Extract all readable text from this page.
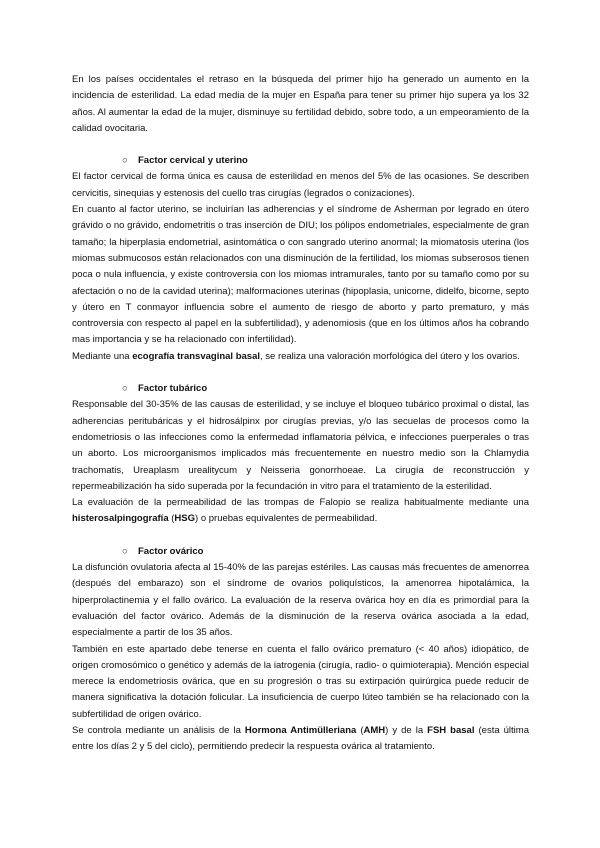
En los países occidentales el retraso en la búsqueda del primer hijo ha generado un aumento en la incidencia de esterilidad. La edad media de la mujer en España para tener su primer hijo supera ya los 32 años. Al aumentar la edad de la mujer, disminuye su fertilidad debido, sobre todo, a un empeoramiento de la calidad ovocitaria.

○ Factor cervical y uterino

El factor cervical de forma única es causa de esterilidad en menos del 5% de las ocasiones. Se describen cervicitis, sinequias y estenosis del cuello tras cirugías (legrados o conizaciones).

En cuanto al factor uterino, se incluirían las adherencias y el síndrome de Asherman por legrado en útero grávido o no grávido, endometritis o tras inserción de DIU; los pólipos endometriales, especialmente de gran tamaño; la hiperplasia endometrial, asintomática o con sangrado uterino anormal; la miomatosis uterina (los miomas submucosos están relacionados con una disminución de la fertilidad, los miomas subserosos tienen poca o nula influencia, y existe controversia con los miomas intramurales, tanto por su tamaño como por su afectación o no de la cavidad uterina); malformaciones uterinas (hipoplasia, unicorne, didelfo, bicorne, septo y útero en T conmayor influencia sobre el aumento de riesgo de aborto y parto prematuro, y más controversia con respecto al papel en la subfertilidad), y adenomiosis (que en los últimos años ha cobrando mas importancia y se ha relacionado con infertilidad).

Mediante una ecografía transvaginal basal, se realiza una valoración morfológica del útero y los ovarios.

○ Factor tubárico

Responsable del 30-35% de las causas de esterilidad, y se incluye el bloqueo tubárico proximal o distal, las adherencias peritubáricas y el hidrosálpinx por cirugías previas, y/o las secuelas de procesos como la endometriosis o las infecciones como la enfermedad inflamatoria pélvica, e infecciones puerperales o tras un aborto. Los microorganismos implicados más frecuentemente en nuestro medio son la Chlamydia trachomatis, Ureaplasm urealitycum y Neisseria gonorrhoeae. La cirugía de reconstrucción y repermeabilización ha sido superada por la fecundación in vitro para el tratamiento de la esterilidad.

La evaluación de la permeabilidad de las trompas de Falopio se realiza habitualmente mediante una histerosalpingografía (HSG) o pruebas equivalentes de permeabilidad.

○ Factor ovárico

La disfunción ovulatoria afecta al 15-40% de las parejas estériles. Las causas más frecuentes de amenorrea (después del embarazo) son el síndrome de ovarios poliquísticos, la amenorrea hipotalámica, la hiperprolactinemia y el fallo ovárico. La evaluación de la reserva ovárica hoy en día es primordial para la evaluación del factor ovárico. Además de la disminución de la reserva ovárica asociada a la edad, especialmente a partir de los 35 años.

También en este apartado debe tenerse en cuenta el fallo ovárico prematuro (< 40 años) idiopático, de origen cromosómico o genético y además de la iatrogenia (cirugía, radio- o quimioterapia). Mención especial merece la endometriosis ovárica, que en su progresión o tras su extirpación quirúrgica puede reducir de manera significativa la dotación folicular. La insuficiencia de cuerpo lúteo también se ha relacionado con la subfertilidad de origen ovárico.

Se controla mediante un análisis de la Hormona Antimülleriana (AMH) y de la FSH basal (esta última entre los días 2 y 5 del ciclo), permitiendo predecir la respuesta ovárica al tratamiento.
